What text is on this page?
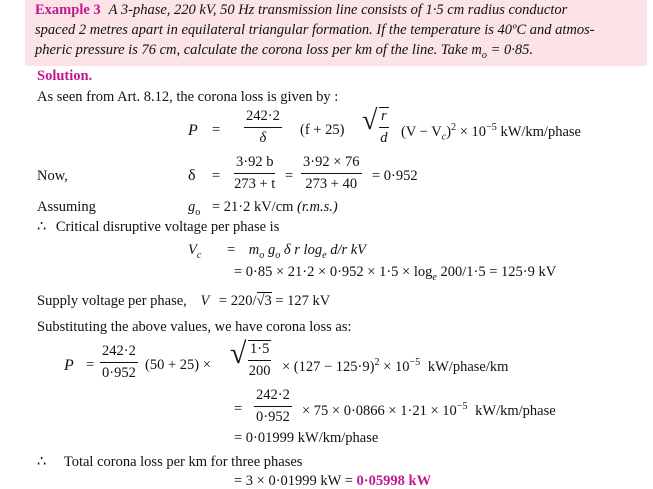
Example 3 A 3-phase, 220 kV, 50 Hz transmission line consists of 1·5 cm radius conductor
spaced 2 metres apart in equilateral triangular formation. If the temperature is 40ºC and atmos-
pheric pressure is 76 cm, calculate the corona loss per km of the line. Take $m_o = 0\cdot 85$.
Solution.
As seen from Art. 8.12, the corona loss is given by :
$P = \frac{242\cdot 2}{\delta} (f + 25)$ √ $\frac{r}{d} (V - V_c)^2 \times 10^{-5}$ kW/km/phase
Now,	$\delta = \frac{3\cdot 92 b}{273 + t} = \frac{3\cdot 92 \times 76}{273 + 40} = 0\cdot 952$
Assuming	$g_o = 21\cdot 2$ kV/cm (r.m.s.)
∴ Critical disruptive voltage per phase is
$V_c = m_o$ $g_o$ δ r $\log_e d/r$ kV
= $0\cdot 85 \times 21\cdot 2 \times 0\cdot 952 \times 1\cdot 5 \times \log_e 200/1\cdot 5 = 125\cdot 9$ kV
Supply voltage per phase, V = 220/√3 = 127 kV
Substituting the above values, we have corona loss as:
$P = \frac{242\cdot 2}{0\cdot 952} (50 + 25)$ × √ $\frac{1\cdot 5}{200} \times (127 - 125\cdot 9)^2 \times 10^{-5}$ kW/phase/km
= $\frac{242\cdot 2}{0\cdot 952} \times 75 \times 0\cdot 0866 \times 1\cdot 21 \times 10^{-5}$ kW/km/phase
= 0·01999 kW/km/phase
∴ Total corona loss per km for three phases
= 3 × 0·01999 kW = 0·05998 kW
